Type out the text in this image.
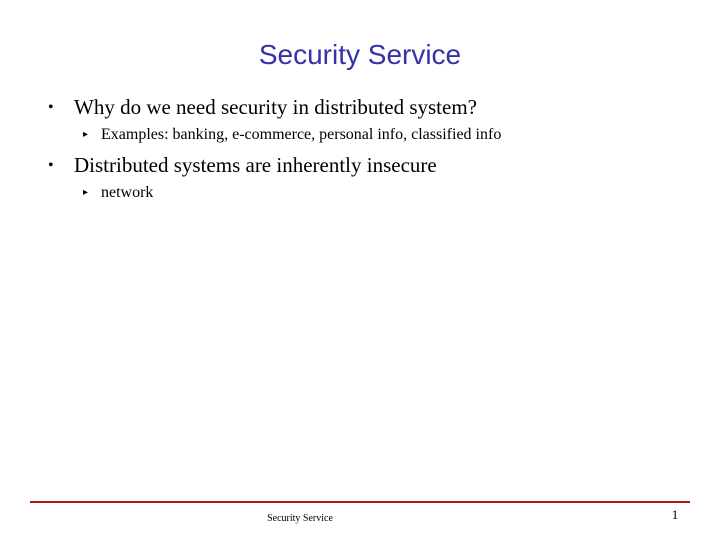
Security Service
• Why do we need security in distributed system?
▸ Examples: banking, e-commerce, personal info, classified info
• Distributed systems are inherently insecure
▸ network
Security Service	1
